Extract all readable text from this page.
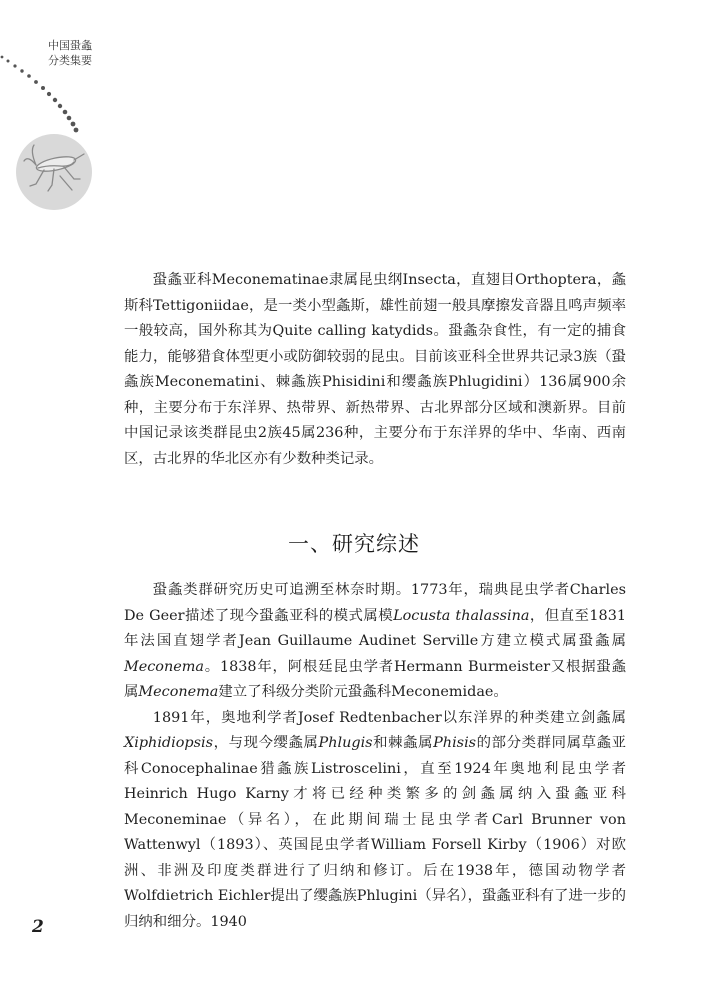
中国蛩螽
分类集要

蛩螽亚科Meconematinae隶属昆虫纲Insecta，直翅目Orthoptera，螽斯科Tettigoniidae，是一类小型螽斯，雄性前翅一般具摩擦发音器且鸣声频率一般较高，国外称其为Quite calling katydids。蛩螽杂食性，有一定的捕食能力，能够猎食体型更小或防御较弱的昆虫。目前该亚科全世界共记录3族（蛩螽族Meconematini、棘螽族Phisidini和缨螽族Phlugidini）136属900余种，主要分布于东洋界、热带界、新热带界、古北界部分区域和澳新界。目前中国记录该类群昆虫2族45属236种，主要分布于东洋界的华中、华南、西南区，古北界的华北区亦有少数种类记录。

一、研究综述

蛩螽类群研究历史可追溯至林奈时期。1773年，瑞典昆虫学者Charles De Geer描述了现今蛩螽亚科的模式属模Locusta thalassina，但直至1831年法国直翅学者Jean Guillaume Audinet Serville方建立模式属蛩螽属Meconema。1838年，阿根廷昆虫学者Hermann Burmeister又根据蛩螽属Meconema建立了科级分类阶元蛩螽科Meconemidae。

1891年，奥地利学者Josef Redtenbacher以东洋界的种类建立剑螽属Xiphidiopsis，与现今缨螽属Phlugis和棘螽属Phisis的部分类群同属草螽亚科Conocephalinae猎螽族Listroscelini，直至1924年奥地利昆虫学者Heinrich Hugo Karny才将已经种类繁多的剑螽属纳入蛩螽亚科Meconeminae（异名），在此期间瑞士昆虫学者Carl Brunner von Wattenwyl（1893）、英国昆虫学者William Forsell Kirby（1906）对欧洲、非洲及印度类群进行了归纳和修订。后在1938年，德国动物学者Wolfdietrich Eichler提出了缨螽族Phlugini（异名），蛩螽亚科有了进一步的归纳和细分。1940

2
